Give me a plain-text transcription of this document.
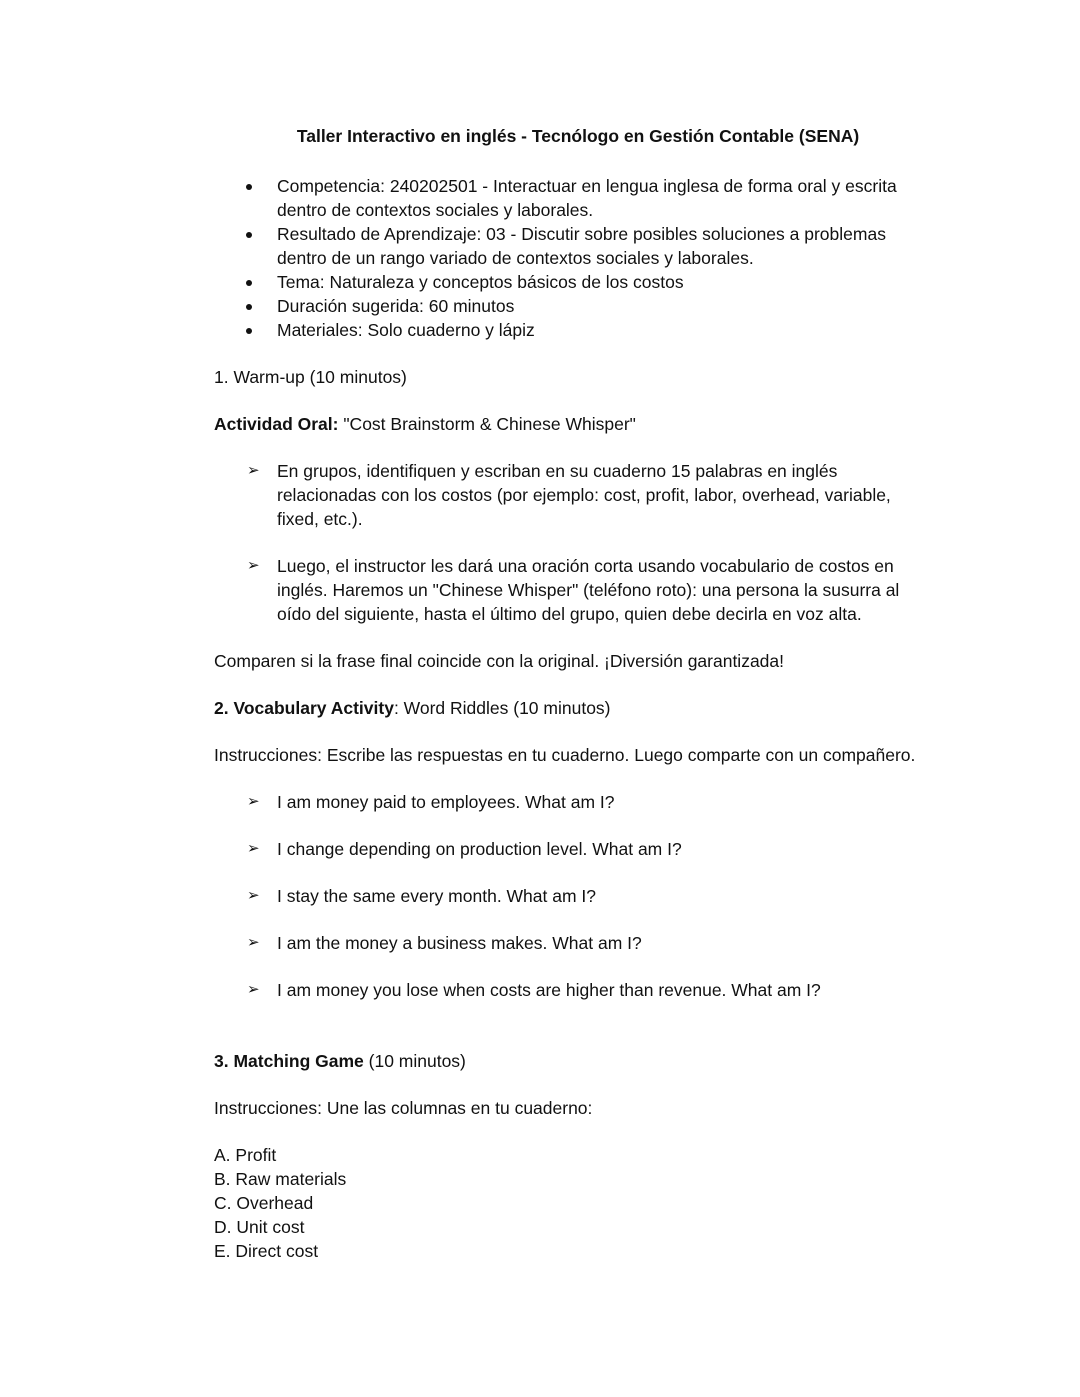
Taller Interactivo en inglés - Tecnólogo en Gestión Contable (SENA)

Competencia: 240202501 - Interactuar en lengua inglesa de forma oral y escrita dentro de contextos sociales y laborales.
Resultado de Aprendizaje: 03 - Discutir sobre posibles soluciones a problemas dentro de un rango variado de contextos sociales y laborales.
Tema: Naturaleza y conceptos básicos de los costos
Duración sugerida: 60 minutos
Materiales: Solo cuaderno y lápiz

1. Warm-up (10 minutos)

Actividad Oral: "Cost Brainstorm & Chinese Whisper"

➢ En grupos, identifiquen y escriban en su cuaderno 15 palabras en inglés relacionadas con los costos (por ejemplo: cost, profit, labor, overhead, variable, fixed, etc.).
➢ Luego, el instructor les dará una oración corta usando vocabulario de costos en inglés. Haremos un "Chinese Whisper" (teléfono roto): una persona la susurra al oído del siguiente, hasta el último del grupo, quien debe decirla en voz alta.

Comparen si la frase final coincide con la original. ¡Diversión garantizada!

2. Vocabulary Activity: Word Riddles (10 minutos)

Instrucciones: Escribe las respuestas en tu cuaderno. Luego comparte con un compañero.

➢ I am money paid to employees. What am I?
➢ I change depending on production level. What am I?
➢ I stay the same every month. What am I?
➢ I am the money a business makes. What am I?
➢ I am money you lose when costs are higher than revenue. What am I?

3. Matching Game (10 minutos)

Instrucciones: Une las columnas en tu cuaderno:

A. Profit
B. Raw materials
C. Overhead
D. Unit cost
E. Direct cost
